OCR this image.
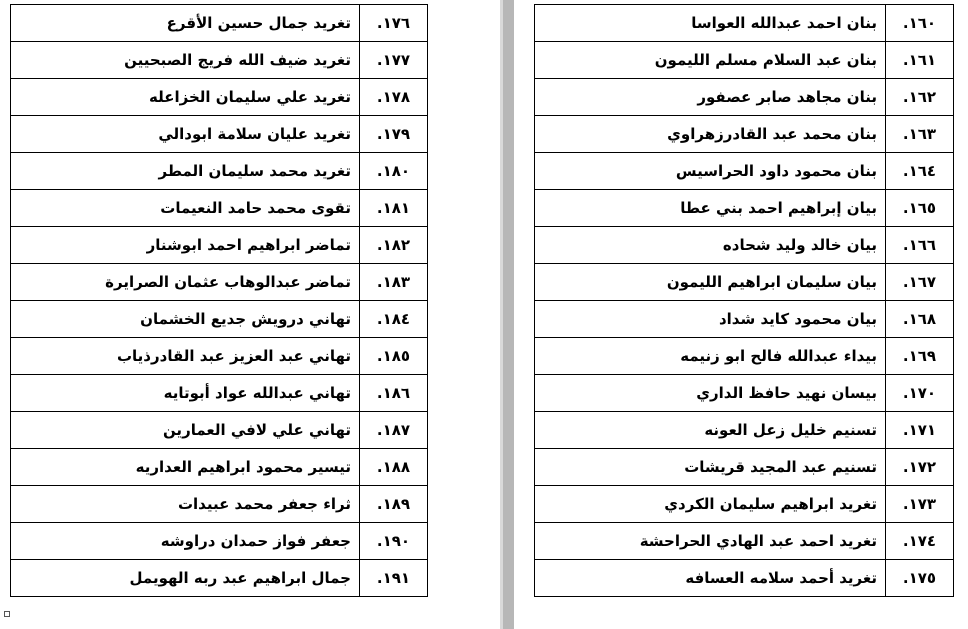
١٧٦.	تغريد جمال حسين الأقرع
١٧٧.	تغريد ضيف الله فريج الصبحيين
١٧٨.	تغريد علي سليمان الخزاعله
١٧٩.	تغريد عليان سلامة ابودالي
١٨٠.	تغريد محمد سليمان المطر
١٨١.	تقوى محمد حامد النعيمات
١٨٢.	تماضر ابراهيم احمد ابوشنار
١٨٣.	تماضر عبدالوهاب عثمان الصرايرة
١٨٤.	تهاني درويش جديع الخشمان
١٨٥.	تهاني عبد العزيز عبد القادرذياب
١٨٦.	تهاني عبدالله عواد أبوتايه
١٨٧.	تهاني علي لافي العمارين
١٨٨.	تيسير محمود ابراهيم العداريه
١٨٩.	ثراء جعفر محمد عبيدات
١٩٠.	جعفر فواز حمدان دراوشه
١٩١.	جمال ابراهيم عبد ربه الهويمل
١٦٠.	بنان احمد عبدالله العواسا
١٦١.	بنان عبد السلام مسلم الليمون
١٦٢.	بنان مجاهد صابر عصفور
١٦٣.	بنان محمد عبد القادرزهراوي
١٦٤.	بنان محمود داود الحراسيس
١٦٥.	بيان إبراهيم احمد بني عطا
١٦٦.	بيان خالد وليد شحاده
١٦٧.	بيان سليمان ابراهيم الليمون
١٦٨.	بيان محمود كايد شداد
١٦٩.	بيداء عبدالله فالح ابو زنيمه
١٧٠.	بيسان نهيد حافظ الداري
١٧١.	تسنيم خليل زعل العونه
١٧٢.	تسنيم عبد المجيد قريشات
١٧٣.	تغريد ابراهيم سليمان الكردي
١٧٤.	تغريد احمد عبد الهادي الحراحشة
١٧٥.	تغريد أحمد سلامه العسافه
